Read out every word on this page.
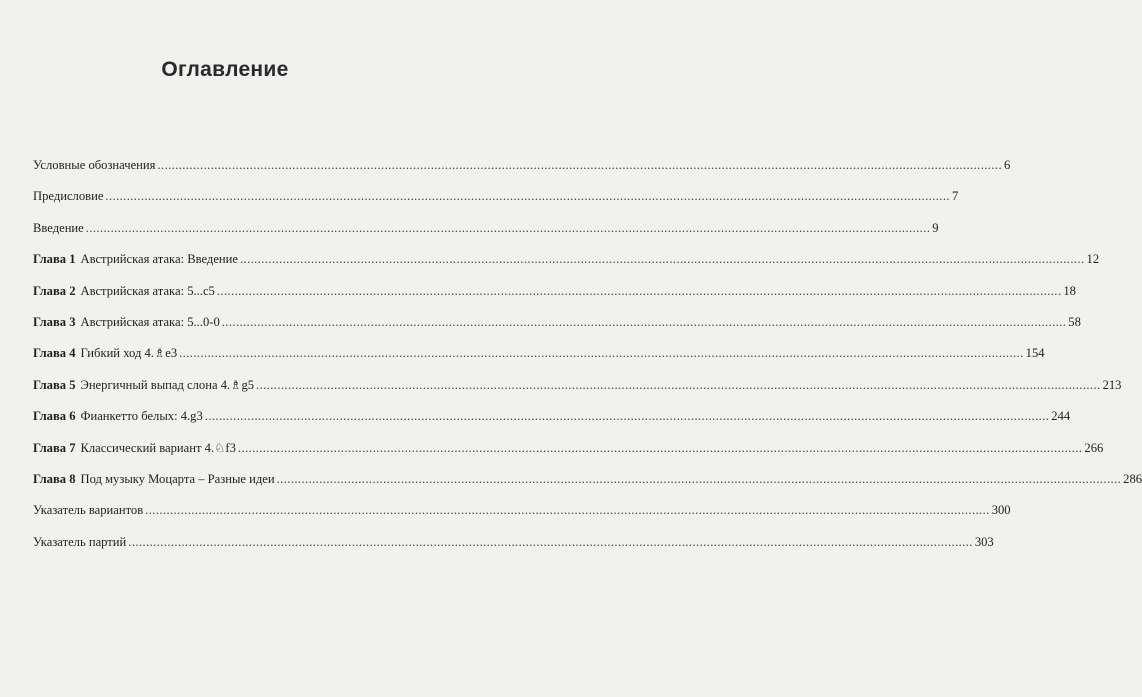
Оглавление
Условные обозначения .............................................................................................................................................................................................................................................. 6
Предисловие .............................................................................................................................................................................................................................................. 7
Введение .............................................................................................................................................................................................................................................. 9
Глава 1 Австрийская атака: Введение .............................................................................................................................................................................................................................................. 12
Глава 2 Австрийская атака: 5...c5 .............................................................................................................................................................................................................................................. 18
Глава 3 Австрийская атака: 5...0-0 .............................................................................................................................................................................................................................................. 58
Глава 4 Гибкий ход 4.♗e3 .............................................................................................................................................................................................................................................. 154
Глава 5 Энергичный выпад слона 4.♗g5 .............................................................................................................................................................................................................................................. 213
Глава 6 Фианкетто белых: 4.g3 .............................................................................................................................................................................................................................................. 244
Глава 7 Классический вариант 4.♘f3 .............................................................................................................................................................................................................................................. 266
Глава 8 Под музыку Моцарта – Разные идеи .............................................................................................................................................................................................................................................. 286
Указатель вариантов .............................................................................................................................................................................................................................................. 300
Указатель партий .............................................................................................................................................................................................................................................. 303
